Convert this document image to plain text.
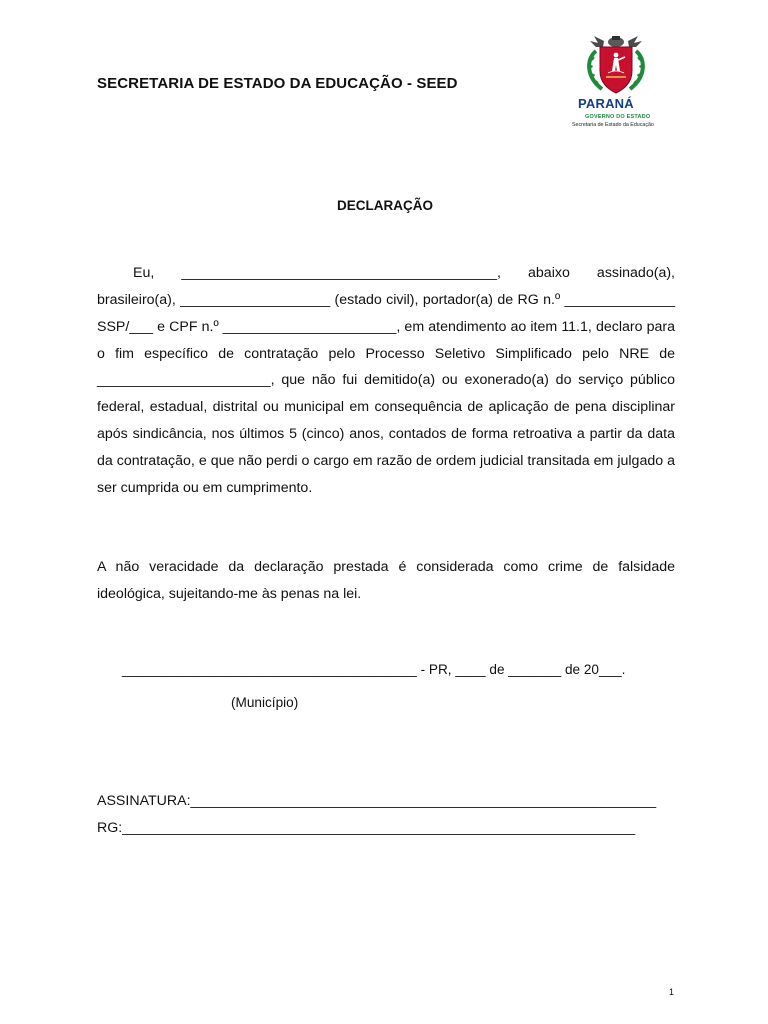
SECRETARIA DE ESTADO DA EDUCAÇÃO - SEED
PARANÁ
GOVERNO DO ESTADO
Secretaria de Estado da Educação
DECLARAÇÃO

Eu, ________________________________________, abaixo assinado(a), brasileiro(a), ___________________ (estado civil), portador(a) de RG n.º ______________ SSP/___ e CPF n.º ______________________, em atendimento ao item 11.1, declaro para o fim específico de contratação pelo Processo Seletivo Simplificado pelo NRE de ______________________, que não fui demitido(a) ou exonerado(a) do serviço público federal, estadual, distrital ou municipal em consequência de aplicação de pena disciplinar após sindicância, nos últimos 5 (cinco) anos, contados de forma retroativa a partir da data da contratação, e que não perdi o cargo em razão de ordem judicial transitada em julgado a ser cumprida ou em cumprimento.

A não veracidade da declaração prestada é considerada como crime de falsidade ideológica, sujeitando-me às penas na lei.

_______________________________________ - PR, ____ de _______ de 20___.

(Município)

ASSINATURA:___________________________________________________________

RG:_________________________________________________________________

1
